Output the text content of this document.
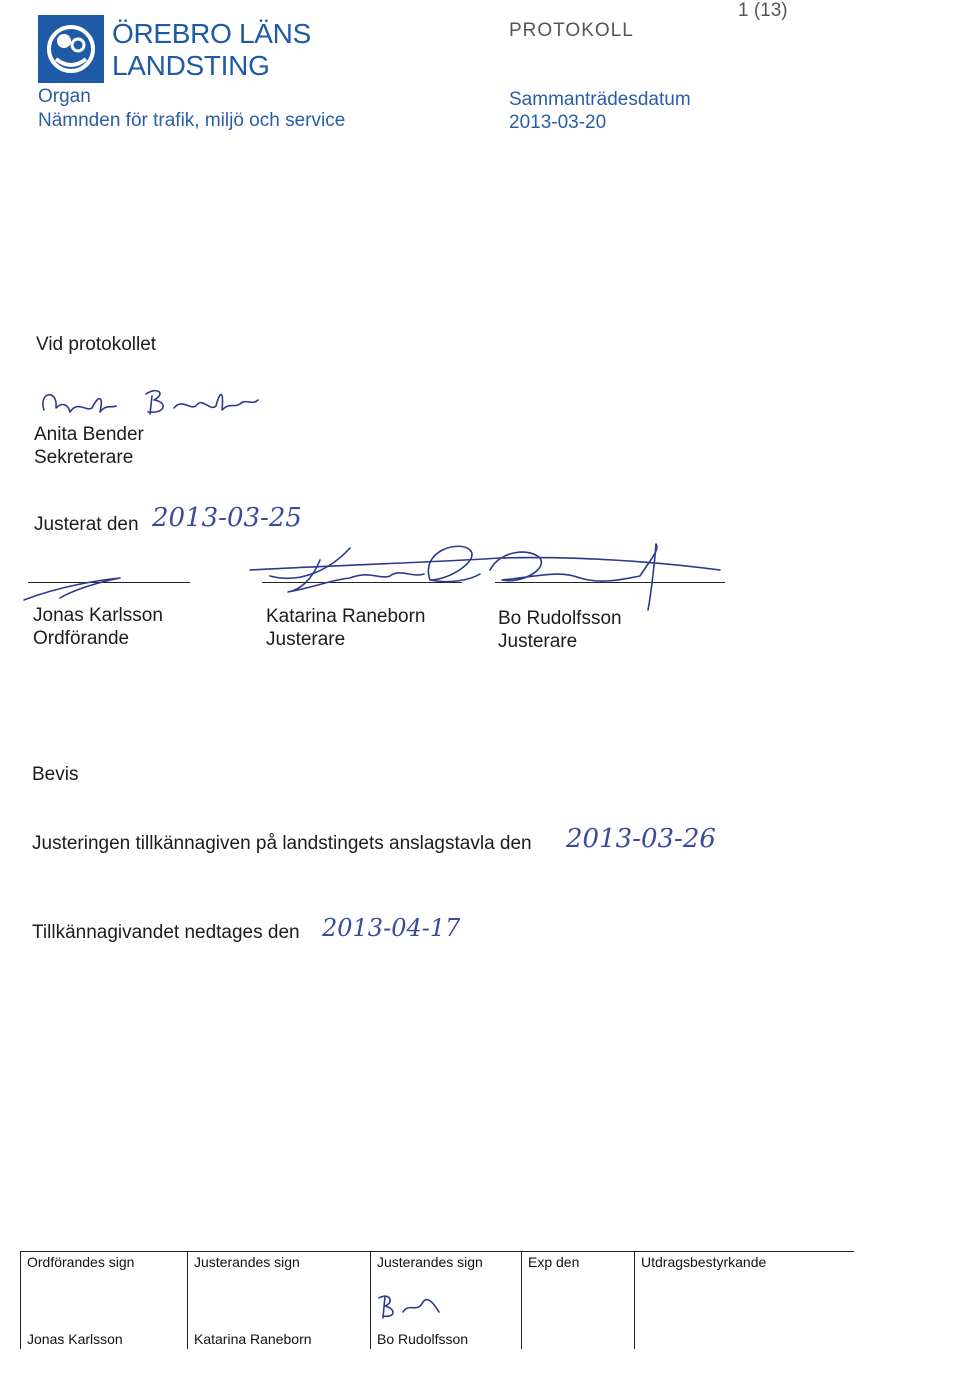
ÖREBRO LÄNS
LANDSTING
Organ
Nämnden för trafik, miljö och service
PROTOKOLL
1 (13)
Sammanträdesdatum
2013-03-20
Vid protokollet
Anita Bender
Sekreterare
Justerat den 2013-03-25
Jonas Karlsson
Ordförande
Katarina Raneborn
Justerare
Bo Rudolfsson
Justerare
Bevis
Justeringen tillkännagiven på landstingets anslagstavla den 2013-03-26
Tillkännagivandet nedtages den 2013-04-17
Ordförandes sign
Jonas Karlsson

Justerandes sign
Katarina Raneborn

Justerandes sign
Bo Rudolfsson

Exp den	Utdragsbestyrkande
